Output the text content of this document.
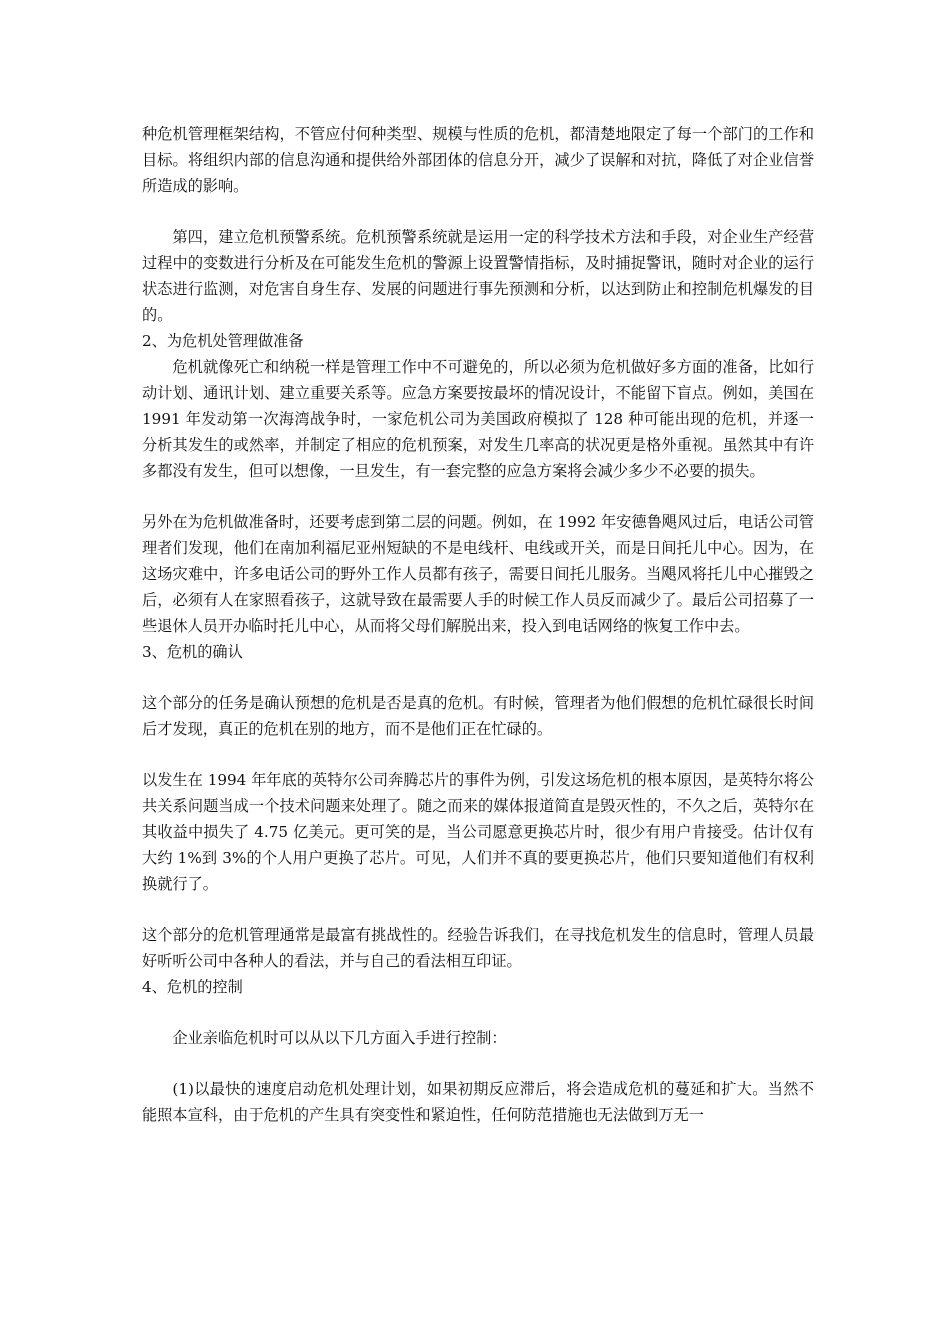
种危机管理框架结构，不管应付何种类型、规模与性质的危机，都清楚地限定了每一个部门的工作和目标。将组织内部的信息沟通和提供给外部团体的信息分开，减少了误解和对抗，降低了对企业信誉所造成的影响。

第四，建立危机预警系统。危机预警系统就是运用一定的科学技术方法和手段，对企业生产经营过程中的变数进行分析及在可能发生危机的警源上设置警情指标，及时捕捉警讯，随时对企业的运行状态进行监测，对危害自身生存、发展的问题进行事先预测和分析，以达到防止和控制危机爆发的目的。

2、为危机处管理做准备

危机就像死亡和纳税一样是管理工作中不可避免的，所以必须为危机做好多方面的准备，比如行动计划、通讯计划、建立重要关系等。应急方案要按最坏的情况设计，不能留下盲点。例如，美国在 1991 年发动第一次海湾战争时，一家危机公司为美国政府模拟了 128 种可能出现的危机，并逐一分析其发生的或然率，并制定了相应的危机预案，对发生几率高的状况更是格外重视。虽然其中有许多都没有发生，但可以想像，一旦发生，有一套完整的应急方案将会减少多少不必要的损失。

另外在为危机做准备时，还要考虑到第二层的问题。例如，在 1992 年安德鲁飓风过后，电话公司管理者们发现，他们在南加利福尼亚州短缺的不是电线杆、电线或开关，而是日间托儿中心。因为，在这场灾难中，许多电话公司的野外工作人员都有孩子，需要日间托儿服务。当飓风将托儿中心摧毁之后，必须有人在家照看孩子，这就导致在最需要人手的时候工作人员反而减少了。最后公司招募了一些退休人员开办临时托儿中心，从而将父母们解脱出来，投入到电话网络的恢复工作中去。

3、危机的确认

这个部分的任务是确认预想的危机是否是真的危机。有时候，管理者为他们假想的危机忙碌很长时间后才发现，真正的危机在别的地方，而不是他们正在忙碌的。

以发生在 1994 年年底的英特尔公司奔腾芯片的事件为例，引发这场危机的根本原因，是英特尔将公共关系问题当成一个技术问题来处理了。随之而来的媒体报道简直是毁灭性的，不久之后，英特尔在其收益中损失了 4.75 亿美元。更可笑的是，当公司愿意更换芯片时，很少有用户肯接受。估计仅有大约 1%到 3%的个人用户更换了芯片。可见，人们并不真的要更换芯片，他们只要知道他们有权利换就行了。

这个部分的危机管理通常是最富有挑战性的。经验告诉我们，在寻找危机发生的信息时，管理人员最好听听公司中各种人的看法，并与自己的看法相互印证。

4、危机的控制

企业亲临危机时可以从以下几方面入手进行控制：

(1)以最快的速度启动危机处理计划，如果初期反应滞后，将会造成危机的蔓延和扩大。当然不能照本宣科，由于危机的产生具有突变性和紧迫性，任何防范措施也无法做到万无一
